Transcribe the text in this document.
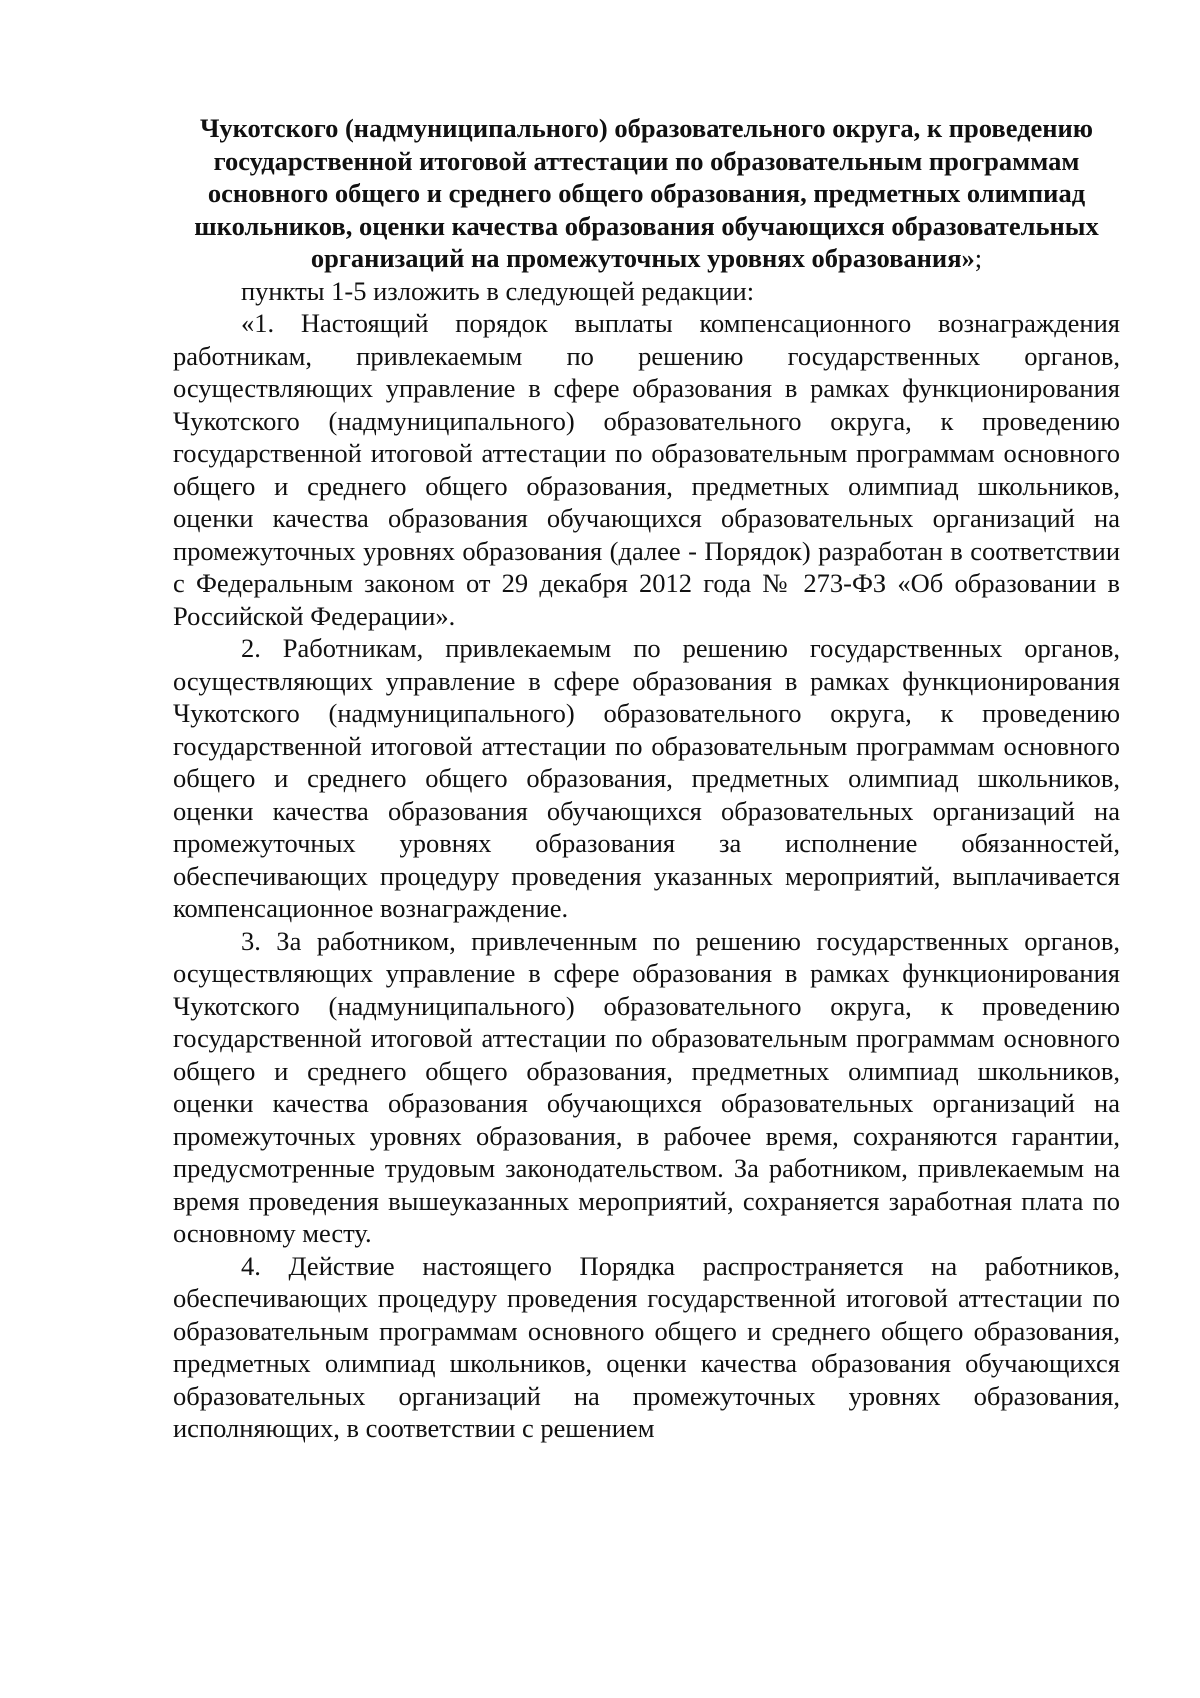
Чукотского (надмуниципального) образовательного округа, к проведению государственной итоговой аттестации по образовательным программам основного общего и среднего общего образования, предметных олимпиад школьников, оценки качества образования обучающихся образовательных организаций на промежуточных уровнях образования»;

пункты 1-5 изложить в следующей редакции:

«1. Настоящий порядок выплаты компенсационного вознаграждения работникам, привлекаемым по решению государственных органов, осуществляющих управление в сфере образования в рамках функционирования Чукотского (надмуниципального) образовательного округа, к проведению государственной итоговой аттестации по образовательным программам основного общего и среднего общего образования, предметных олимпиад школьников, оценки качества образования обучающихся образовательных организаций на промежуточных уровнях образования (далее - Порядок) разработан в соответствии с Федеральным законом от 29 декабря 2012 года № 273-ФЗ «Об образовании в Российской Федерации».

2. Работникам, привлекаемым по решению государственных органов, осуществляющих управление в сфере образования в рамках функционирования Чукотского (надмуниципального) образовательного округа, к проведению государственной итоговой аттестации по образовательным программам основного общего и среднего общего образования, предметных олимпиад школьников, оценки качества образования обучающихся образовательных организаций на промежуточных уровнях образования за исполнение обязанностей, обеспечивающих процедуру проведения указанных мероприятий, выплачивается компенсационное вознаграждение.

3. За работником, привлеченным по решению государственных органов, осуществляющих управление в сфере образования в рамках функционирования Чукотского (надмуниципального) образовательного округа, к проведению государственной итоговой аттестации по образовательным программам основного общего и среднего общего образования, предметных олимпиад школьников, оценки качества образования обучающихся образовательных организаций на промежуточных уровнях образования, в рабочее время, сохраняются гарантии, предусмотренные трудовым законодательством. За работником, привлекаемым на время проведения вышеуказанных мероприятий, сохраняется заработная плата по основному месту.

4. Действие настоящего Порядка распространяется на работников, обеспечивающих процедуру проведения государственной итоговой аттестации по образовательным программам основного общего и среднего общего образования, предметных олимпиад школьников, оценки качества образования обучающихся образовательных организаций на промежуточных уровнях образования, исполняющих, в соответствии с решением
